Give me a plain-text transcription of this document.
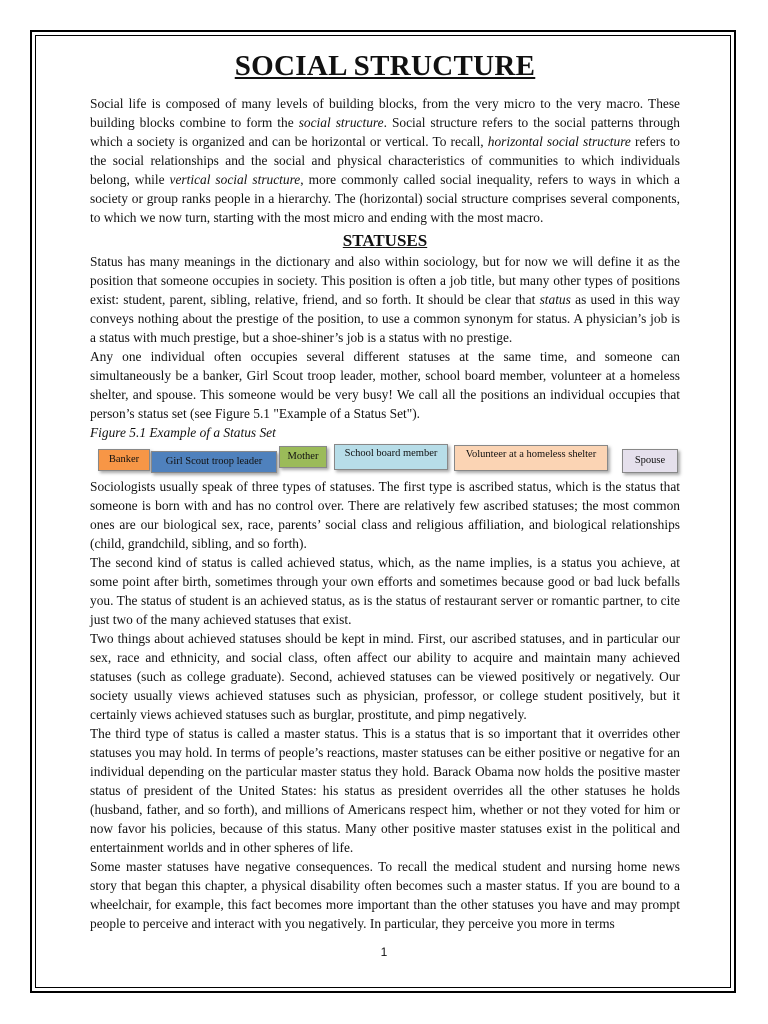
SOCIAL STRUCTURE

Social life is composed of many levels of building blocks, from the very micro to the very macro. These building blocks combine to form the social structure. Social structure refers to the social patterns through which a society is organized and can be horizontal or vertical. To recall, horizontal social structure refers to the social relationships and the social and physical characteristics of communities to which individuals belong, while vertical social structure, more commonly called social inequality, refers to ways in which a society or group ranks people in a hierarchy. The (horizontal) social structure comprises several components, to which we now turn, starting with the most micro and ending with the most macro.

STATUSES

Status has many meanings in the dictionary and also within sociology, but for now we will define it as the position that someone occupies in society. This position is often a job title, but many other types of positions exist: student, parent, sibling, relative, friend, and so forth. It should be clear that status as used in this way conveys nothing about the prestige of the position, to use a common synonym for status. A physician’s job is a status with much prestige, but a shoe-shiner’s job is a status with no prestige.

Any one individual often occupies several different statuses at the same time, and someone can simultaneously be a banker, Girl Scout troop leader, mother, school board member, volunteer at a homeless shelter, and spouse. This someone would be very busy! We call all the positions an individual occupies that person’s status set (see Figure 5.1 "Example of a Status Set").

Figure 5.1 Example of a Status Set

Banker	Girl Scout troop leader Mother School board member	Volunteer at a homeless shelter
Spouse

Sociologists usually speak of three types of statuses. The first type is ascribed status, which is the status that someone is born with and has no control over. There are relatively few ascribed statuses; the most common ones are our biological sex, race, parents’ social class and religious affiliation, and biological relationships (child, grandchild, sibling, and so forth).

The second kind of status is called achieved status, which, as the name implies, is a status you achieve, at some point after birth, sometimes through your own efforts and sometimes because good or bad luck befalls you. The status of student is an achieved status, as is the status of restaurant server or romantic partner, to cite just two of the many achieved statuses that exist.

Two things about achieved statuses should be kept in mind. First, our ascribed statuses, and in particular our sex, race and ethnicity, and social class, often affect our ability to acquire and maintain many achieved statuses (such as college graduate). Second, achieved statuses can be viewed positively or negatively. Our society usually views achieved statuses such as physician, professor, or college student positively, but it certainly views achieved statuses such as burglar, prostitute, and pimp negatively.

The third type of status is called a master status. This is a status that is so important that it overrides other statuses you may hold. In terms of people’s reactions, master statuses can be either positive or negative for an individual depending on the particular master status they hold. Barack Obama now holds the positive master status of president of the United States: his status as president overrides all the other statuses he holds (husband, father, and so forth), and millions of Americans respect him, whether or not they voted for him or now favor his policies, because of this status. Many other positive master statuses exist in the political and entertainment worlds and in other spheres of life.

Some master statuses have negative consequences. To recall the medical student and nursing home news story that began this chapter, a physical disability often becomes such a master status. If you are bound to a wheelchair, for example, this fact becomes more important than the other statuses you have and may prompt people to perceive and interact with you negatively. In particular, they perceive you more in terms

1
